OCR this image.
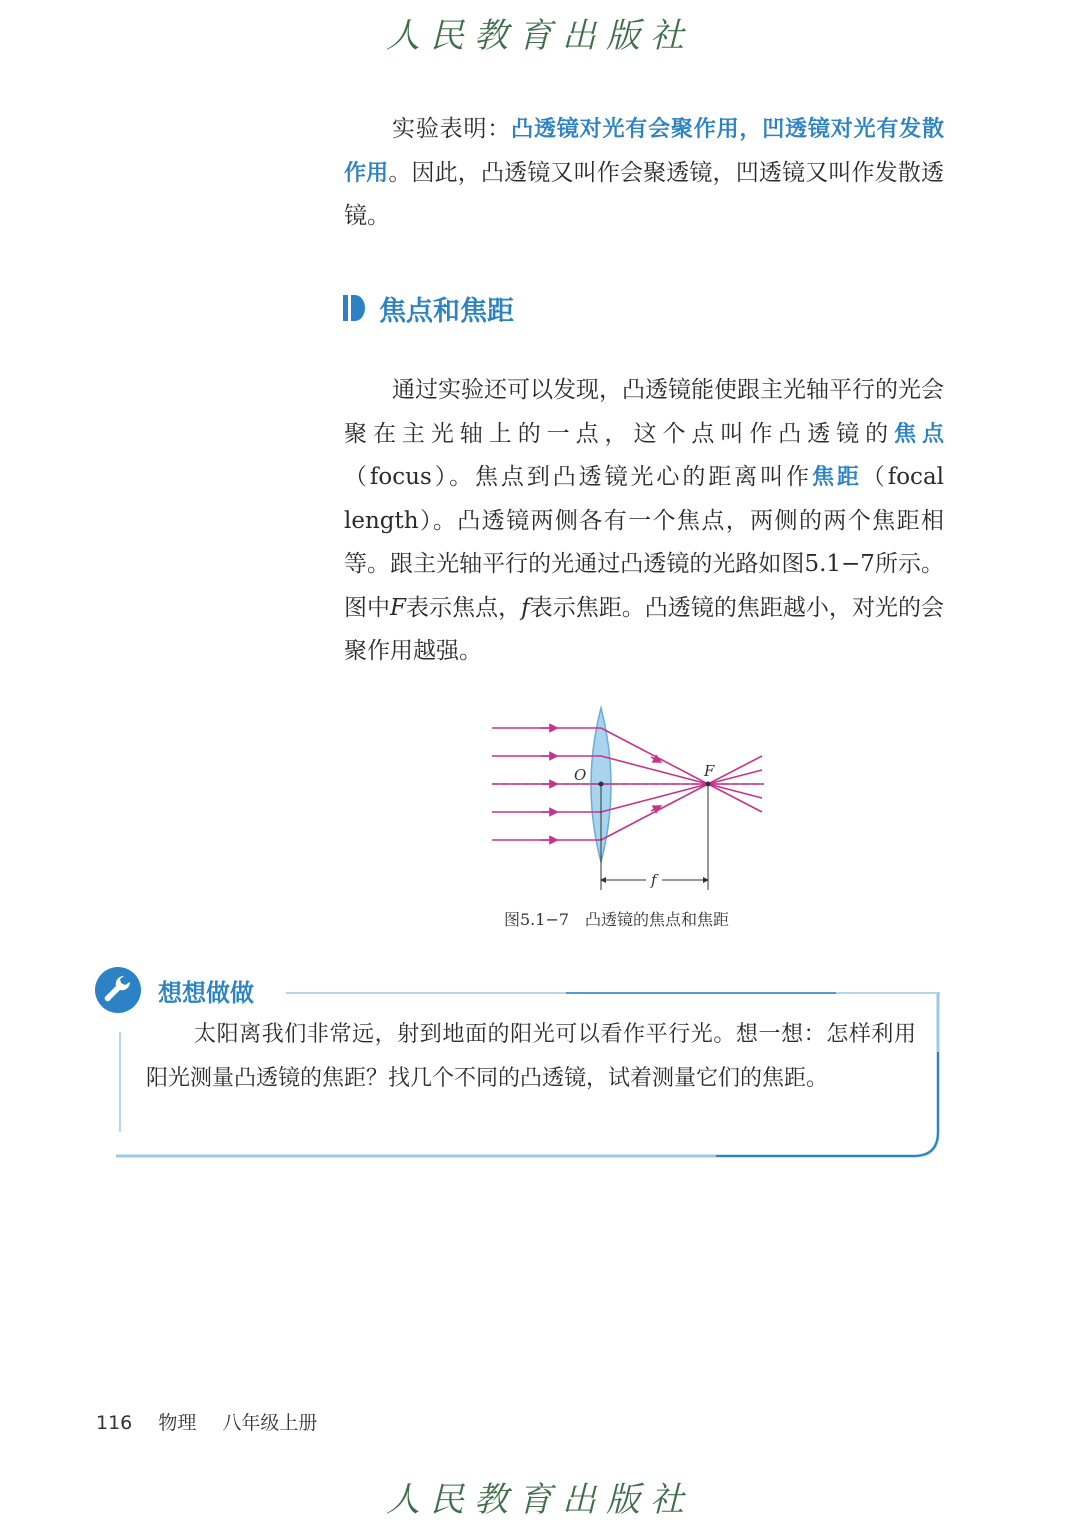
人民教育出版社

实验表明：凸透镜对光有会聚作用，凹透镜对光有发散作用。因此，凸透镜又叫作会聚透镜，凹透镜又叫作发散透镜。

焦点和焦距

通过实验还可以发现，凸透镜能使跟主光轴平行的光会聚在主光轴上的一点，这个点叫作凸透镜的焦点（focus）。焦点到凸透镜光心的距离叫作焦距（focal length）。凸透镜两侧各有一个焦点，两侧的两个焦距相等。跟主光轴平行的光通过凸透镜的光路如图5.1−7所示。图中F表示焦点，f表示焦距。凸透镜的焦距越小，对光的会聚作用越强。

O	F
f
图5.1−7　凸透镜的焦点和焦距
想想做做

太阳离我们非常远，射到地面的阳光可以看作平行光。想一想：怎样利用阳光测量凸透镜的焦距？找几个不同的凸透镜，试着测量它们的焦距。

116 物理 八年级上册
人民教育出版社
